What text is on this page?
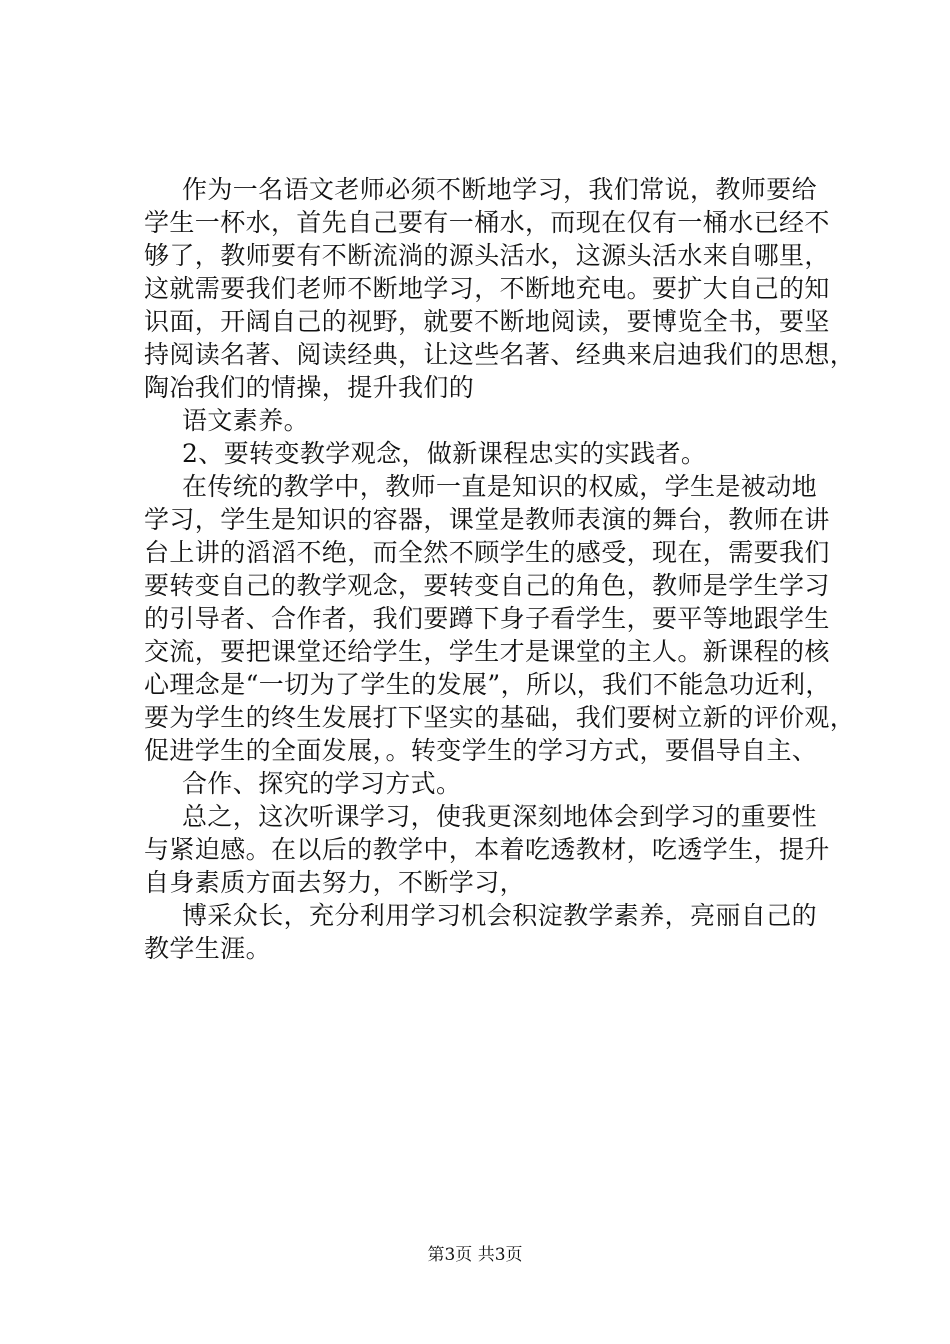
作为一名语文老师必须不断地学习，我们常说，教师要给
学生一杯水，首先自己要有一桶水，而现在仅有一桶水已经不
够了，教师要有不断流淌的源头活水，这源头活水来自哪里，
这就需要我们老师不断地学习，不断地充电。要扩大自己的知
识面，开阔自己的视野，就要不断地阅读，要博览全书，要坚
持阅读名著、阅读经典，让这些名著、经典来启迪我们的思想，
陶冶我们的情操，提升我们的
语文素养。
2、要转变教学观念，做新课程忠实的实践者。
在传统的教学中，教师一直是知识的权威，学生是被动地
学习，学生是知识的容器，课堂是教师表演的舞台，教师在讲
台上讲的滔滔不绝，而全然不顾学生的感受，现在，需要我们
要转变自己的教学观念，要转变自己的角色，教师是学生学习
的引导者、合作者，我们要蹲下身子看学生，要平等地跟学生
交流，要把课堂还给学生，学生才是课堂的主人。新课程的核
心理念是“一切为了学生的发展”，所以，我们不能急功近利，
要为学生的终生发展打下坚实的基础，我们要树立新的评价观，
促进学生的全面发展，。转变学生的学习方式，要倡导自主、
合作、探究的学习方式。
总之，这次听课学习，使我更深刻地体会到学习的重要性
与紧迫感。在以后的教学中，本着吃透教材，吃透学生，提升
自身素质方面去努力，不断学习，
博采众长，充分利用学习机会积淀教学素养，亮丽自己的
教学生涯。
第3页 共3页
